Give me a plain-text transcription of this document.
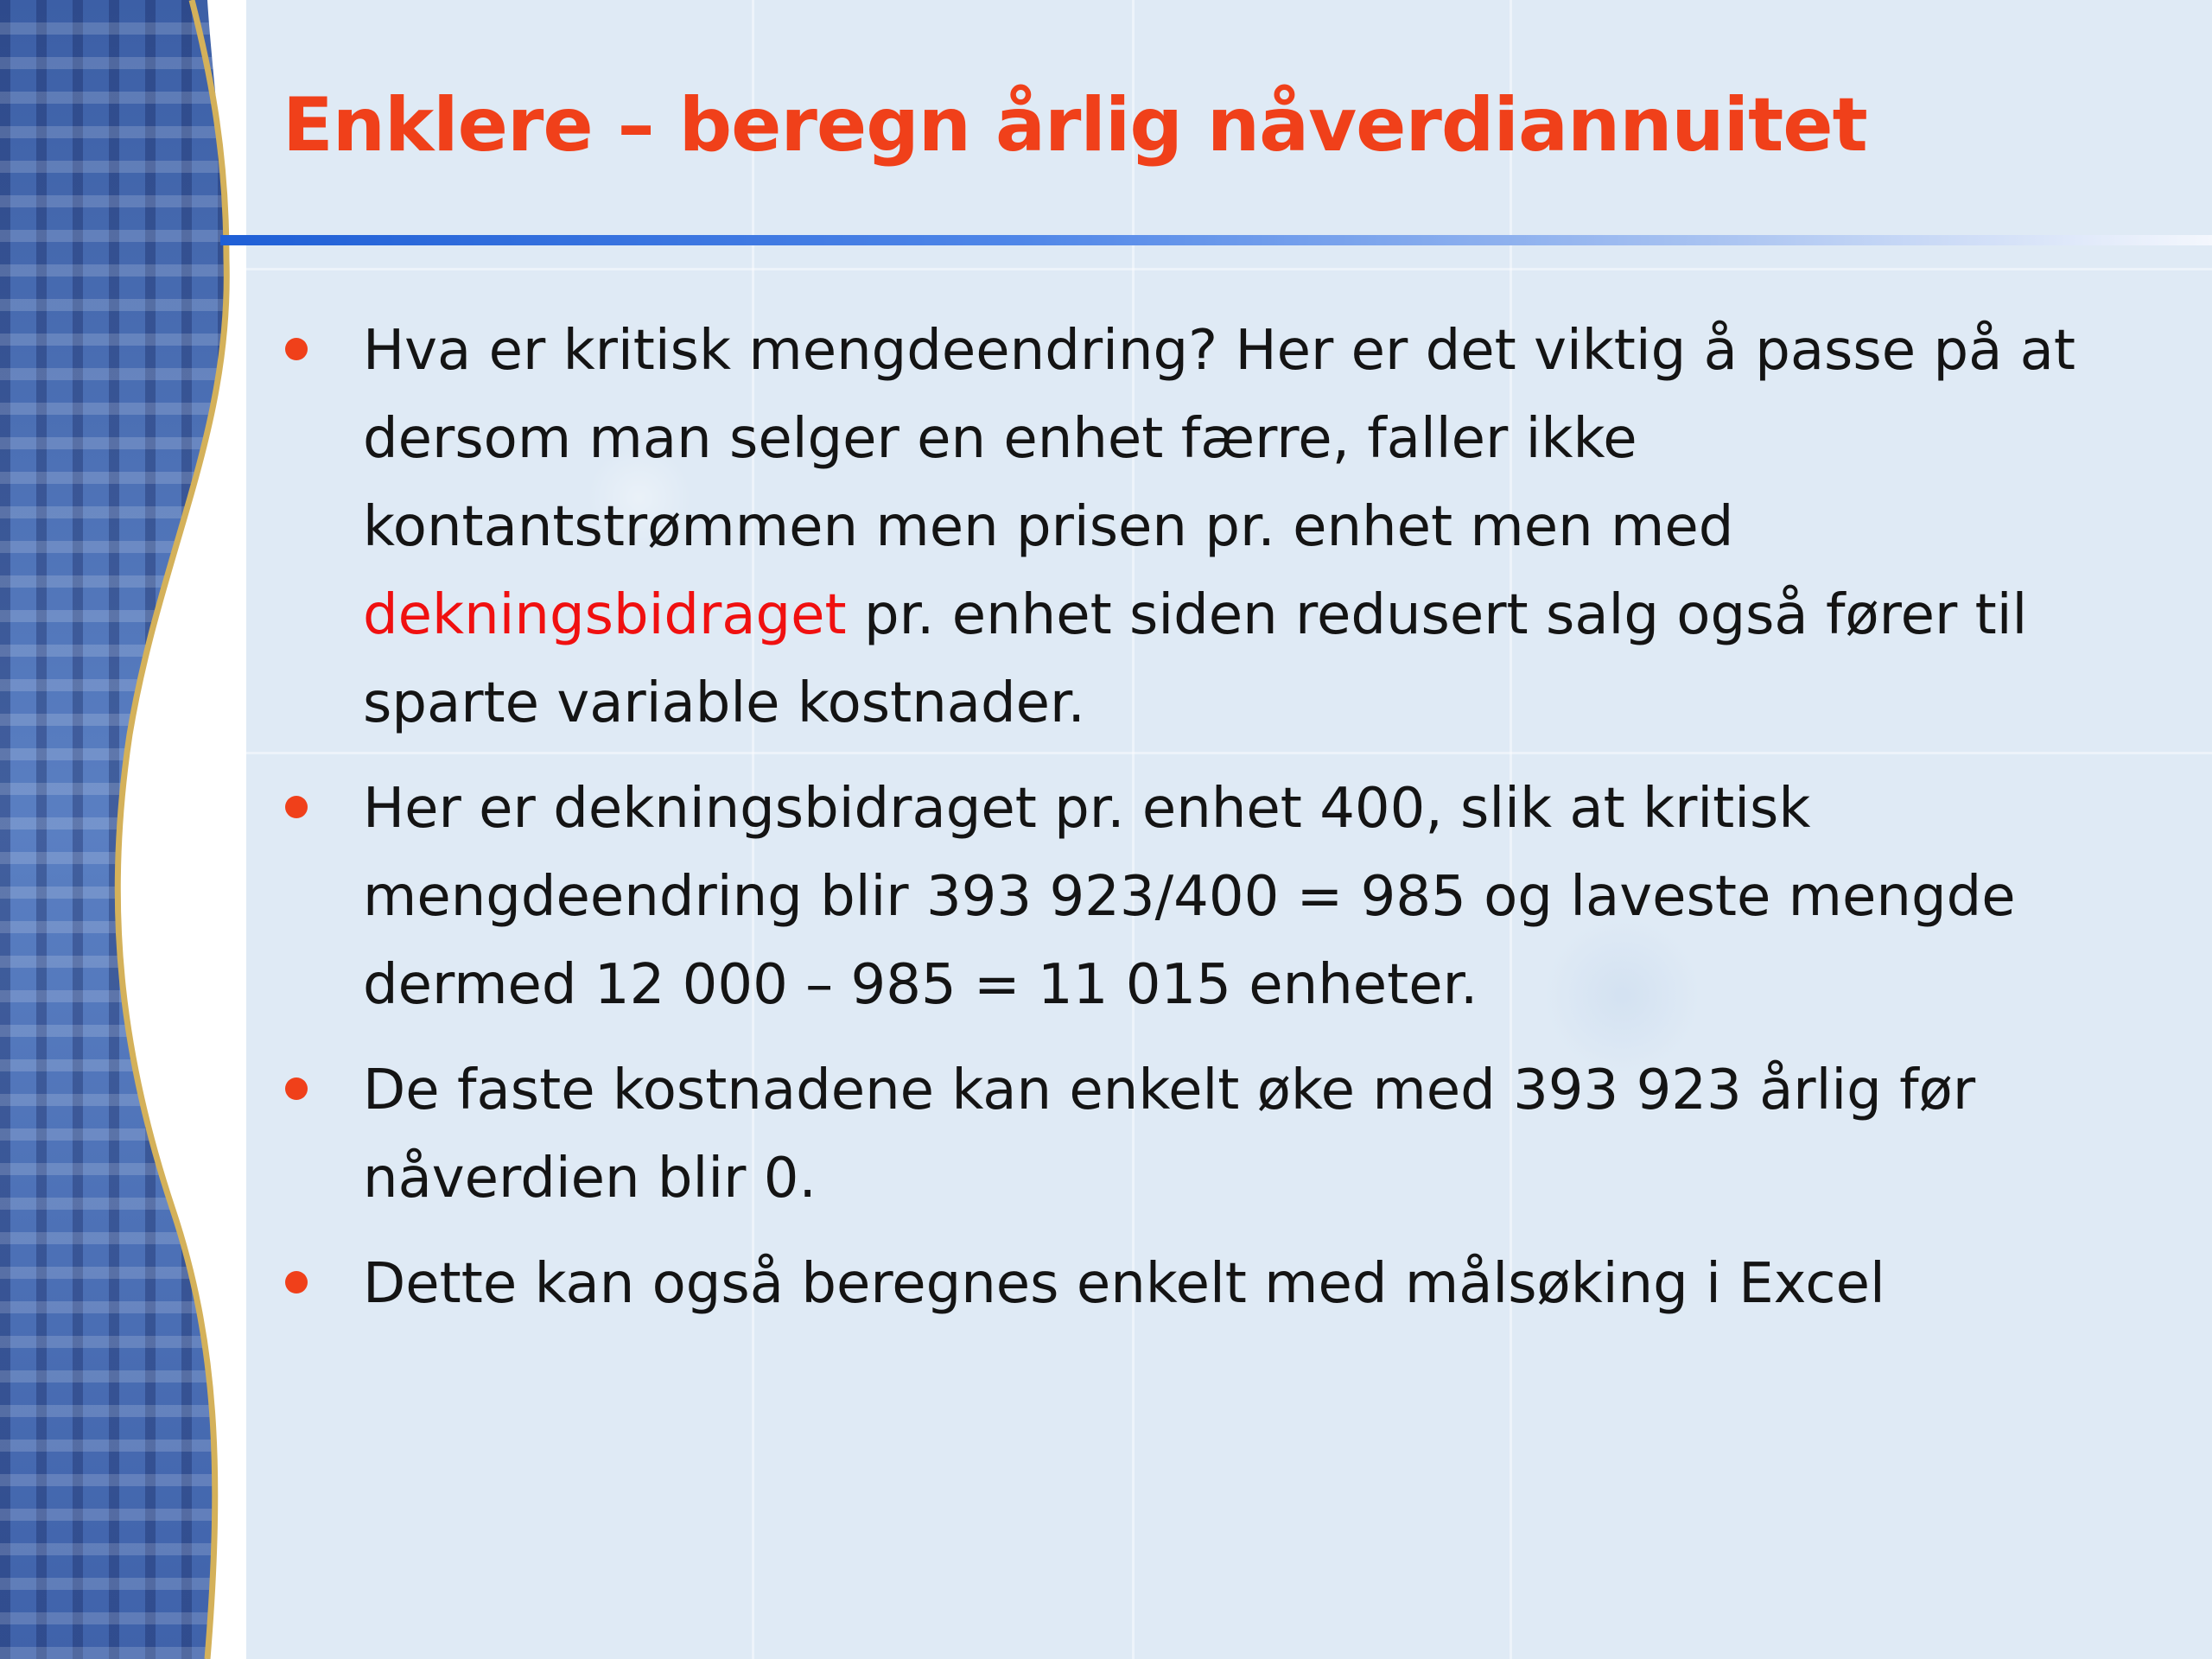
Enklere – beregn årlig nåverdiannuitet
Hva er kritisk mengdeendring? Her er det viktig å passe på at dersom man selger en enhet færre, faller ikke kontantstrømmen men prisen pr. enhet men med dekningsbidraget pr. enhet siden redusert salg også fører til sparte variable kostnader.
Her er dekningsbidraget pr. enhet 400, slik at kritisk mengdeendring blir 393 923/400 = 985 og laveste mengde dermed 12 000 – 985 = 11 015 enheter.
De faste kostnadene kan enkelt øke med 393 923 årlig før nåverdien blir 0.
Dette kan også beregnes enkelt med målsøking i Excel
